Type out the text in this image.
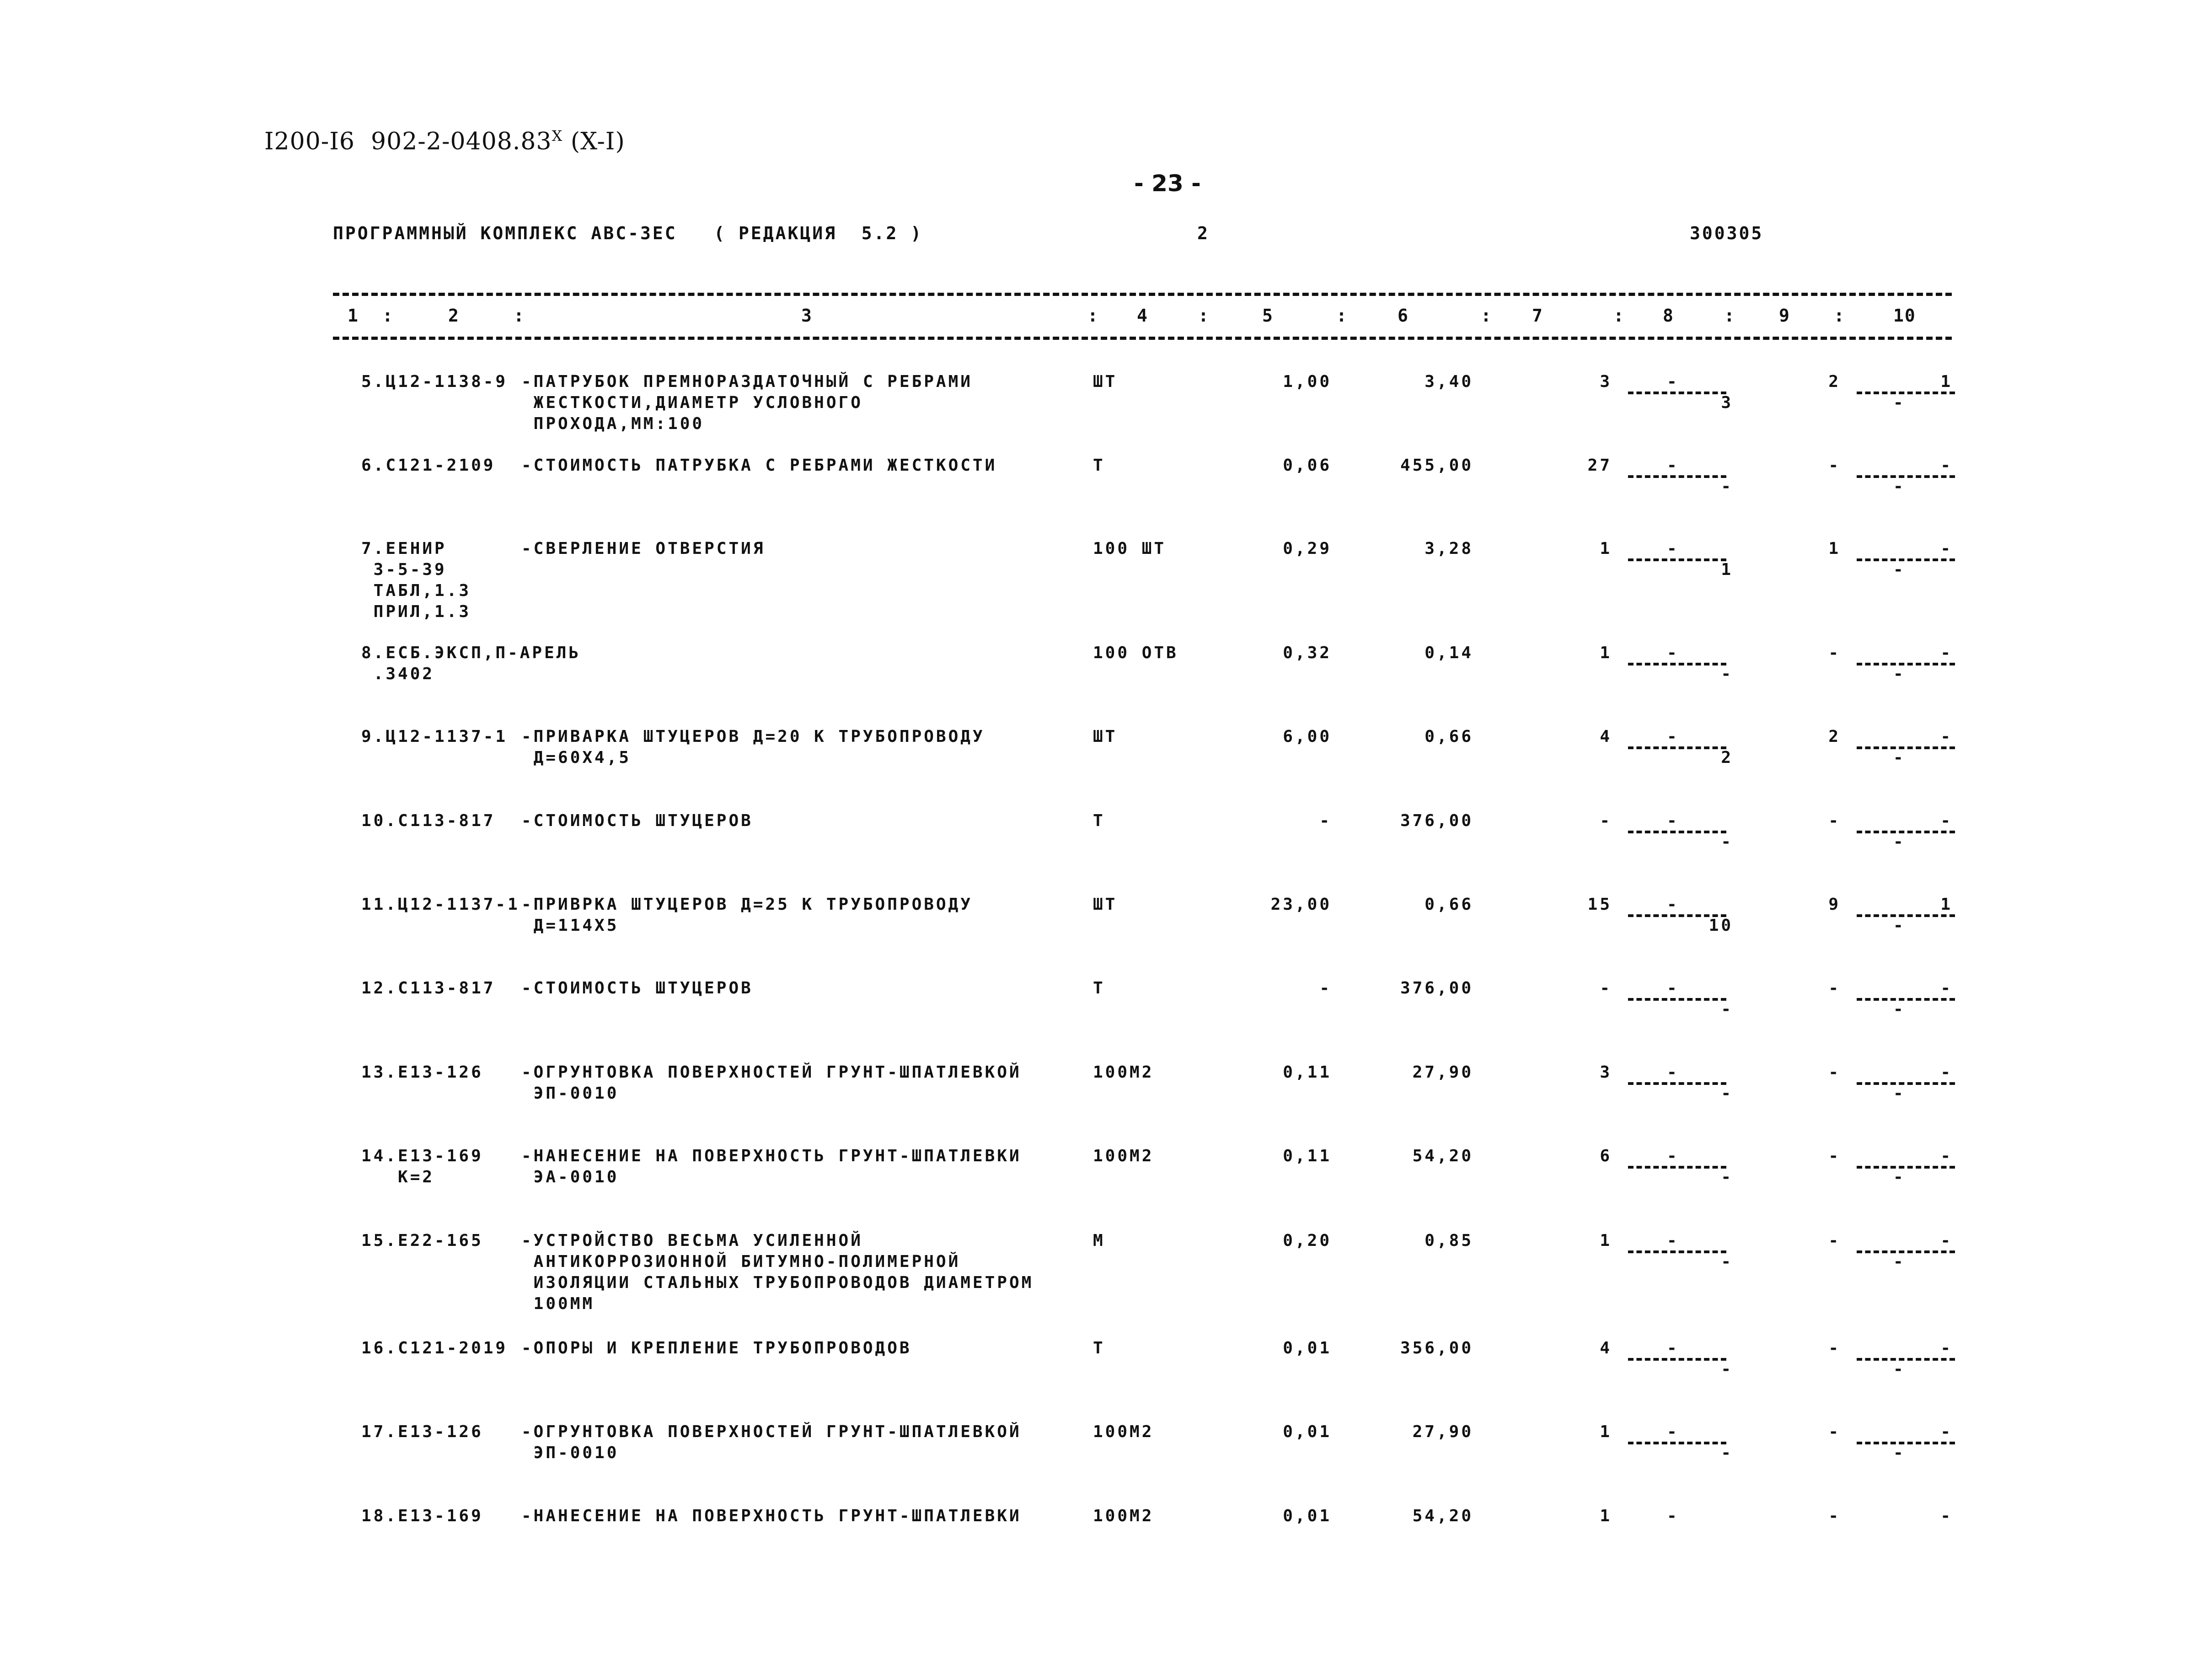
I200-I6  $902-2-0408.83^X$ (X-I)
- 23 -
ПРОГРАММНЫЙ КОМПЛЕКС АВС-3ЕС   ( РЕДАКЦИЯ  5.2 )	2	300305
1 :	2	:	3	: 4	:	5	:	6	: 7	: 8	:	9	:	10
5.Ц12-1138-9 -ПАТРУБОК ПРЕМНОРАЗДАТОЧНЫЙ С РЕБРАМИ
ЖЕСТКОСТИ,ДИАМЕТР УСЛОВНОГО
ПРОХОДА,ММ:100
ШТ	1,00	3,40	3	-	2	1
3	-
6.С121-2109 -СТОИМОСТЬ ПАТРУБКА С РЕБРАМИ ЖЕСТКОСТИ	Т	0,06	455,00	27	-	-	-
-	-
7.ЕЕНИР
3-5-39
ТАБЛ,1.3
ПРИЛ,1.3
-СВЕРЛЕНИЕ ОТВЕРСТИЯ	100 ШТ	0,29	3,28	1	-	1	-
1	-
8.ЕСБ.ЭКСП,П-АРЕЛЬ
.3402
100 ОТВ	0,32	0,14	1	-	-	-
-	-
9.Ц12-1137-1 -ПРИВАРКА ШТУЦЕРОВ Д=20 К ТРУБОПРОВОДУ
Д=60Х4,5
ШТ	6,00	0,66	4	-	2	-
2	-
10.С113-817 -СТОИМОСТЬ ШТУЦЕРОВ	Т	-	376,00	-	-	-	-
-	-
11.Ц12-1137-1 -ПРИВРКА ШТУЦЕРОВ Д=25 К ТРУБОПРОВОДУ
Д=114Х5
ШТ	23,00	0,66	15	-	9	1
10	-
12.С113-817 -СТОИМОСТЬ ШТУЦЕРОВ	Т	-	376,00	-	-	-	-
-	-
13.Е13-126 -ОГРУНТОВКА ПОВЕРХНОСТЕЙ ГРУНТ-ШПАТЛЕВКОЙ
ЭП-0010
100М2	0,11	27,90	3	-	-	-
-	-
14.Е13-169
К=2
-НАНЕСЕНИЕ НА ПОВЕРХНОСТЬ ГРУНТ-ШПАТЛЕВКИ
ЭА-0010
100М2	0,11	54,20	6	-	-	-
-	-
15.Е22-165 -УСТРОЙСТВО ВЕСЬМА УСИЛЕННОЙ
АНТИКОРРОЗИОННОЙ БИТУМНО-ПОЛИМЕРНОЙ
ИЗОЛЯЦИИ СТАЛЬНЫХ ТРУБОПРОВОДОВ ДИАМЕТРОМ
100ММ
М	0,20	0,85	1	-	-	-
-	-
16.С121-2019 -ОПОРЫ И КРЕПЛЕНИЕ ТРУБОПРОВОДОВ	Т	0,01	356,00	4	-	-	-
-	-
17.Е13-126 -ОГРУНТОВКА ПОВЕРХНОСТЕЙ ГРУНТ-ШПАТЛЕВКОЙ
ЭП-0010
100М2	0,01	27,90	1	-	-	-
-	-
18.Е13-169 -НАНЕСЕНИЕ НА ПОВЕРХНОСТЬ ГРУНТ-ШПАТЛЕВКИ	100М2	0,01	54,20	1	-	-	-
